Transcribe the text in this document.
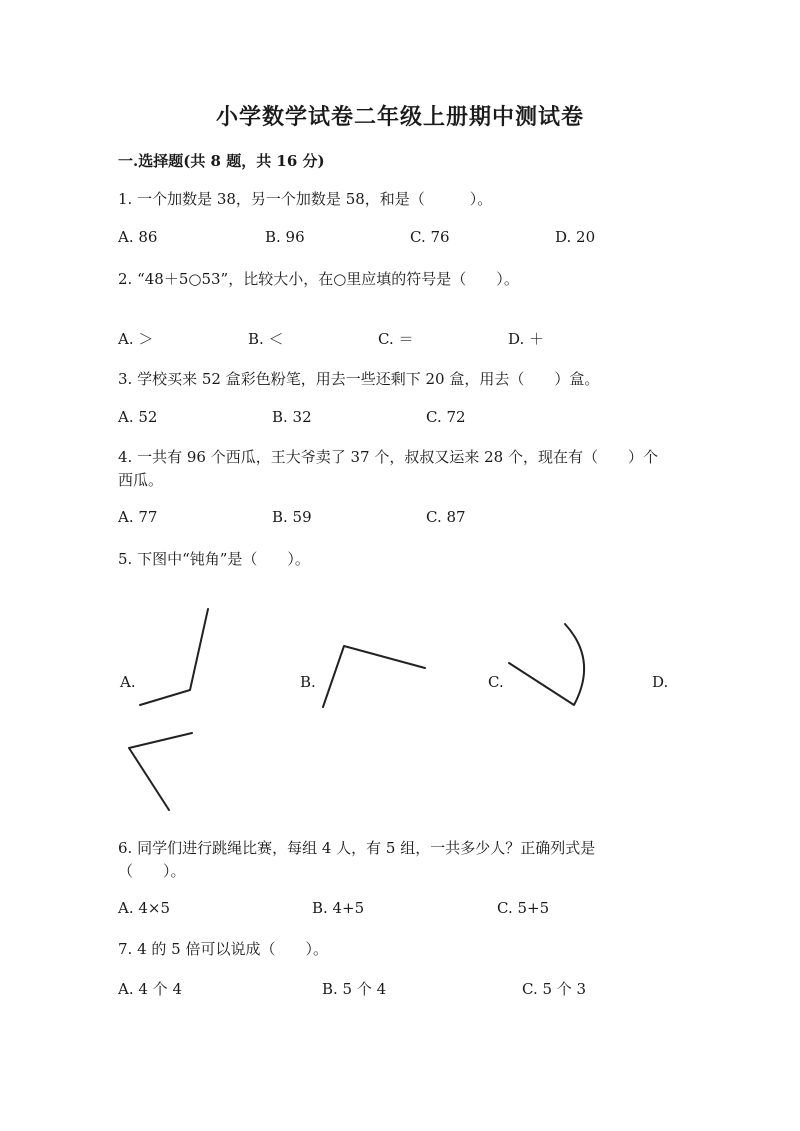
小学数学试卷二年级上册期中测试卷
一.选择题(共 8 题，共 16 分)
1. 一个加数是 38，另一个加数是 58，和是（　　　）。
A. 86	B. 96	C. 76	D. 20
2. “48＋5○53”，比较大小，在○里应填的符号是（　　）。
A. ＞	B. ＜	C. ＝	D. ＋
3. 学校买来 52 盒彩色粉笔，用去一些还剩下 20 盒，用去（　　）盒。
A. 52	B. 32	C. 72
4. 一共有 96 个西瓜，王大爷卖了 37 个，叔叔又运来 28 个，现在有（　　）个
西瓜。
A. 77	B. 59	C. 87
5. 下图中“钝角”是（　　）。
A.	B.	C.	D.
6. 同学们进行跳绳比赛，每组 4 人，有 5 组，一共多少人？正确列式是
（　　）。
A. 4×5	B. 4+5	C. 5+5
7. 4 的 5 倍可以说成（　　）。
A. 4 个 4	B. 5 个 4	C. 5 个 3
